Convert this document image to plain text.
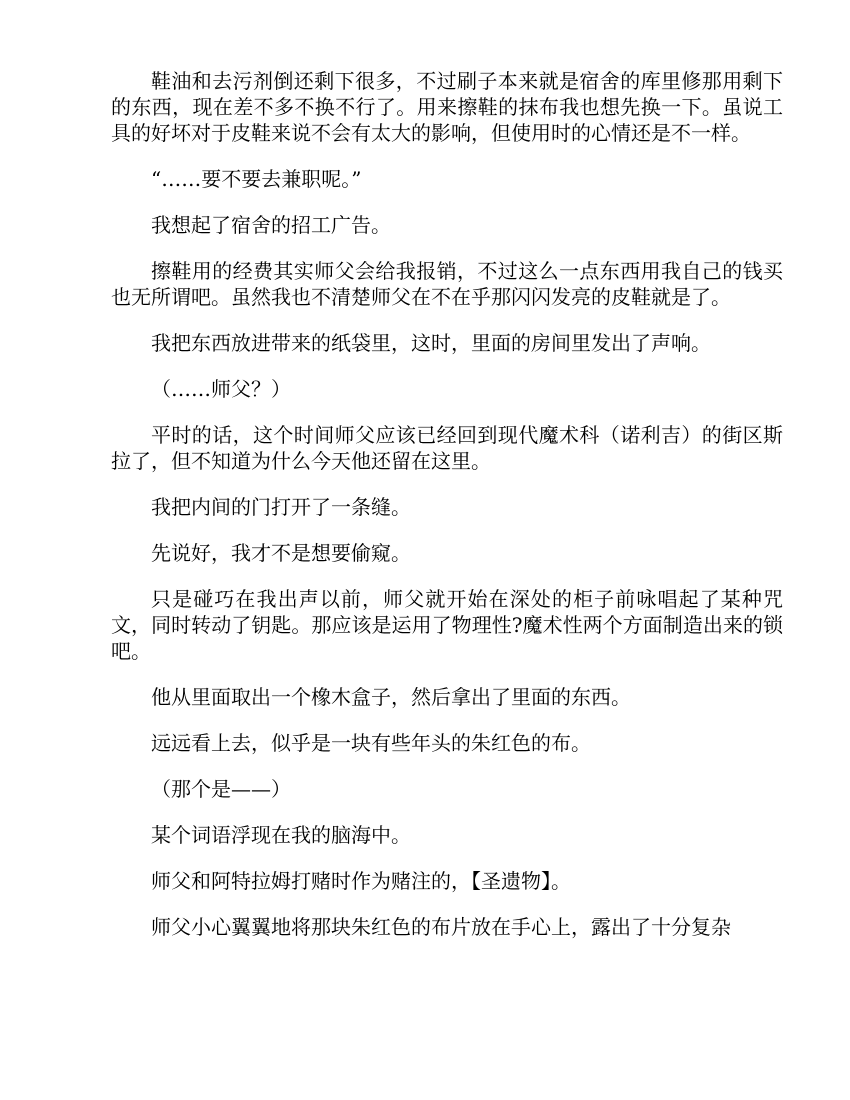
鞋油和去污剂倒还剩下很多，不过刷子本来就是宿舍的库里修那用剩下的东西，现在差不多不换不行了。用来擦鞋的抹布我也想先换一下。虽说工具的好坏对于皮鞋来说不会有太大的影响，但使用时的心情还是不一样。

“……要不要去兼职呢。”

我想起了宿舍的招工广告。

擦鞋用的经费其实师父会给我报销，不过这么一点东西用我自己的钱买也无所谓吧。虽然我也不清楚师父在不在乎那闪闪发亮的皮鞋就是了。

我把东西放进带来的纸袋里，这时，里面的房间里发出了声响。

（……师父？）

平时的话，这个时间师父应该已经回到现代魔术科（诺利吉）的街区斯拉了，但不知道为什么今天他还留在这里。

我把内间的门打开了一条缝。

先说好，我才不是想要偷窥。

只是碰巧在我出声以前，师父就开始在深处的柜子前咏唱起了某种咒文，同时转动了钥匙。那应该是运用了物理性?魔术性两个方面制造出来的锁吧。

他从里面取出一个橡木盒子，然后拿出了里面的东西。

远远看上去，似乎是一块有些年头的朱红色的布。

（那个是——）

某个词语浮现在我的脑海中。

师父和阿特拉姆打赌时作为赌注的，【圣遗物】。

师父小心翼翼地将那块朱红色的布片放在手心上，露出了十分复杂
